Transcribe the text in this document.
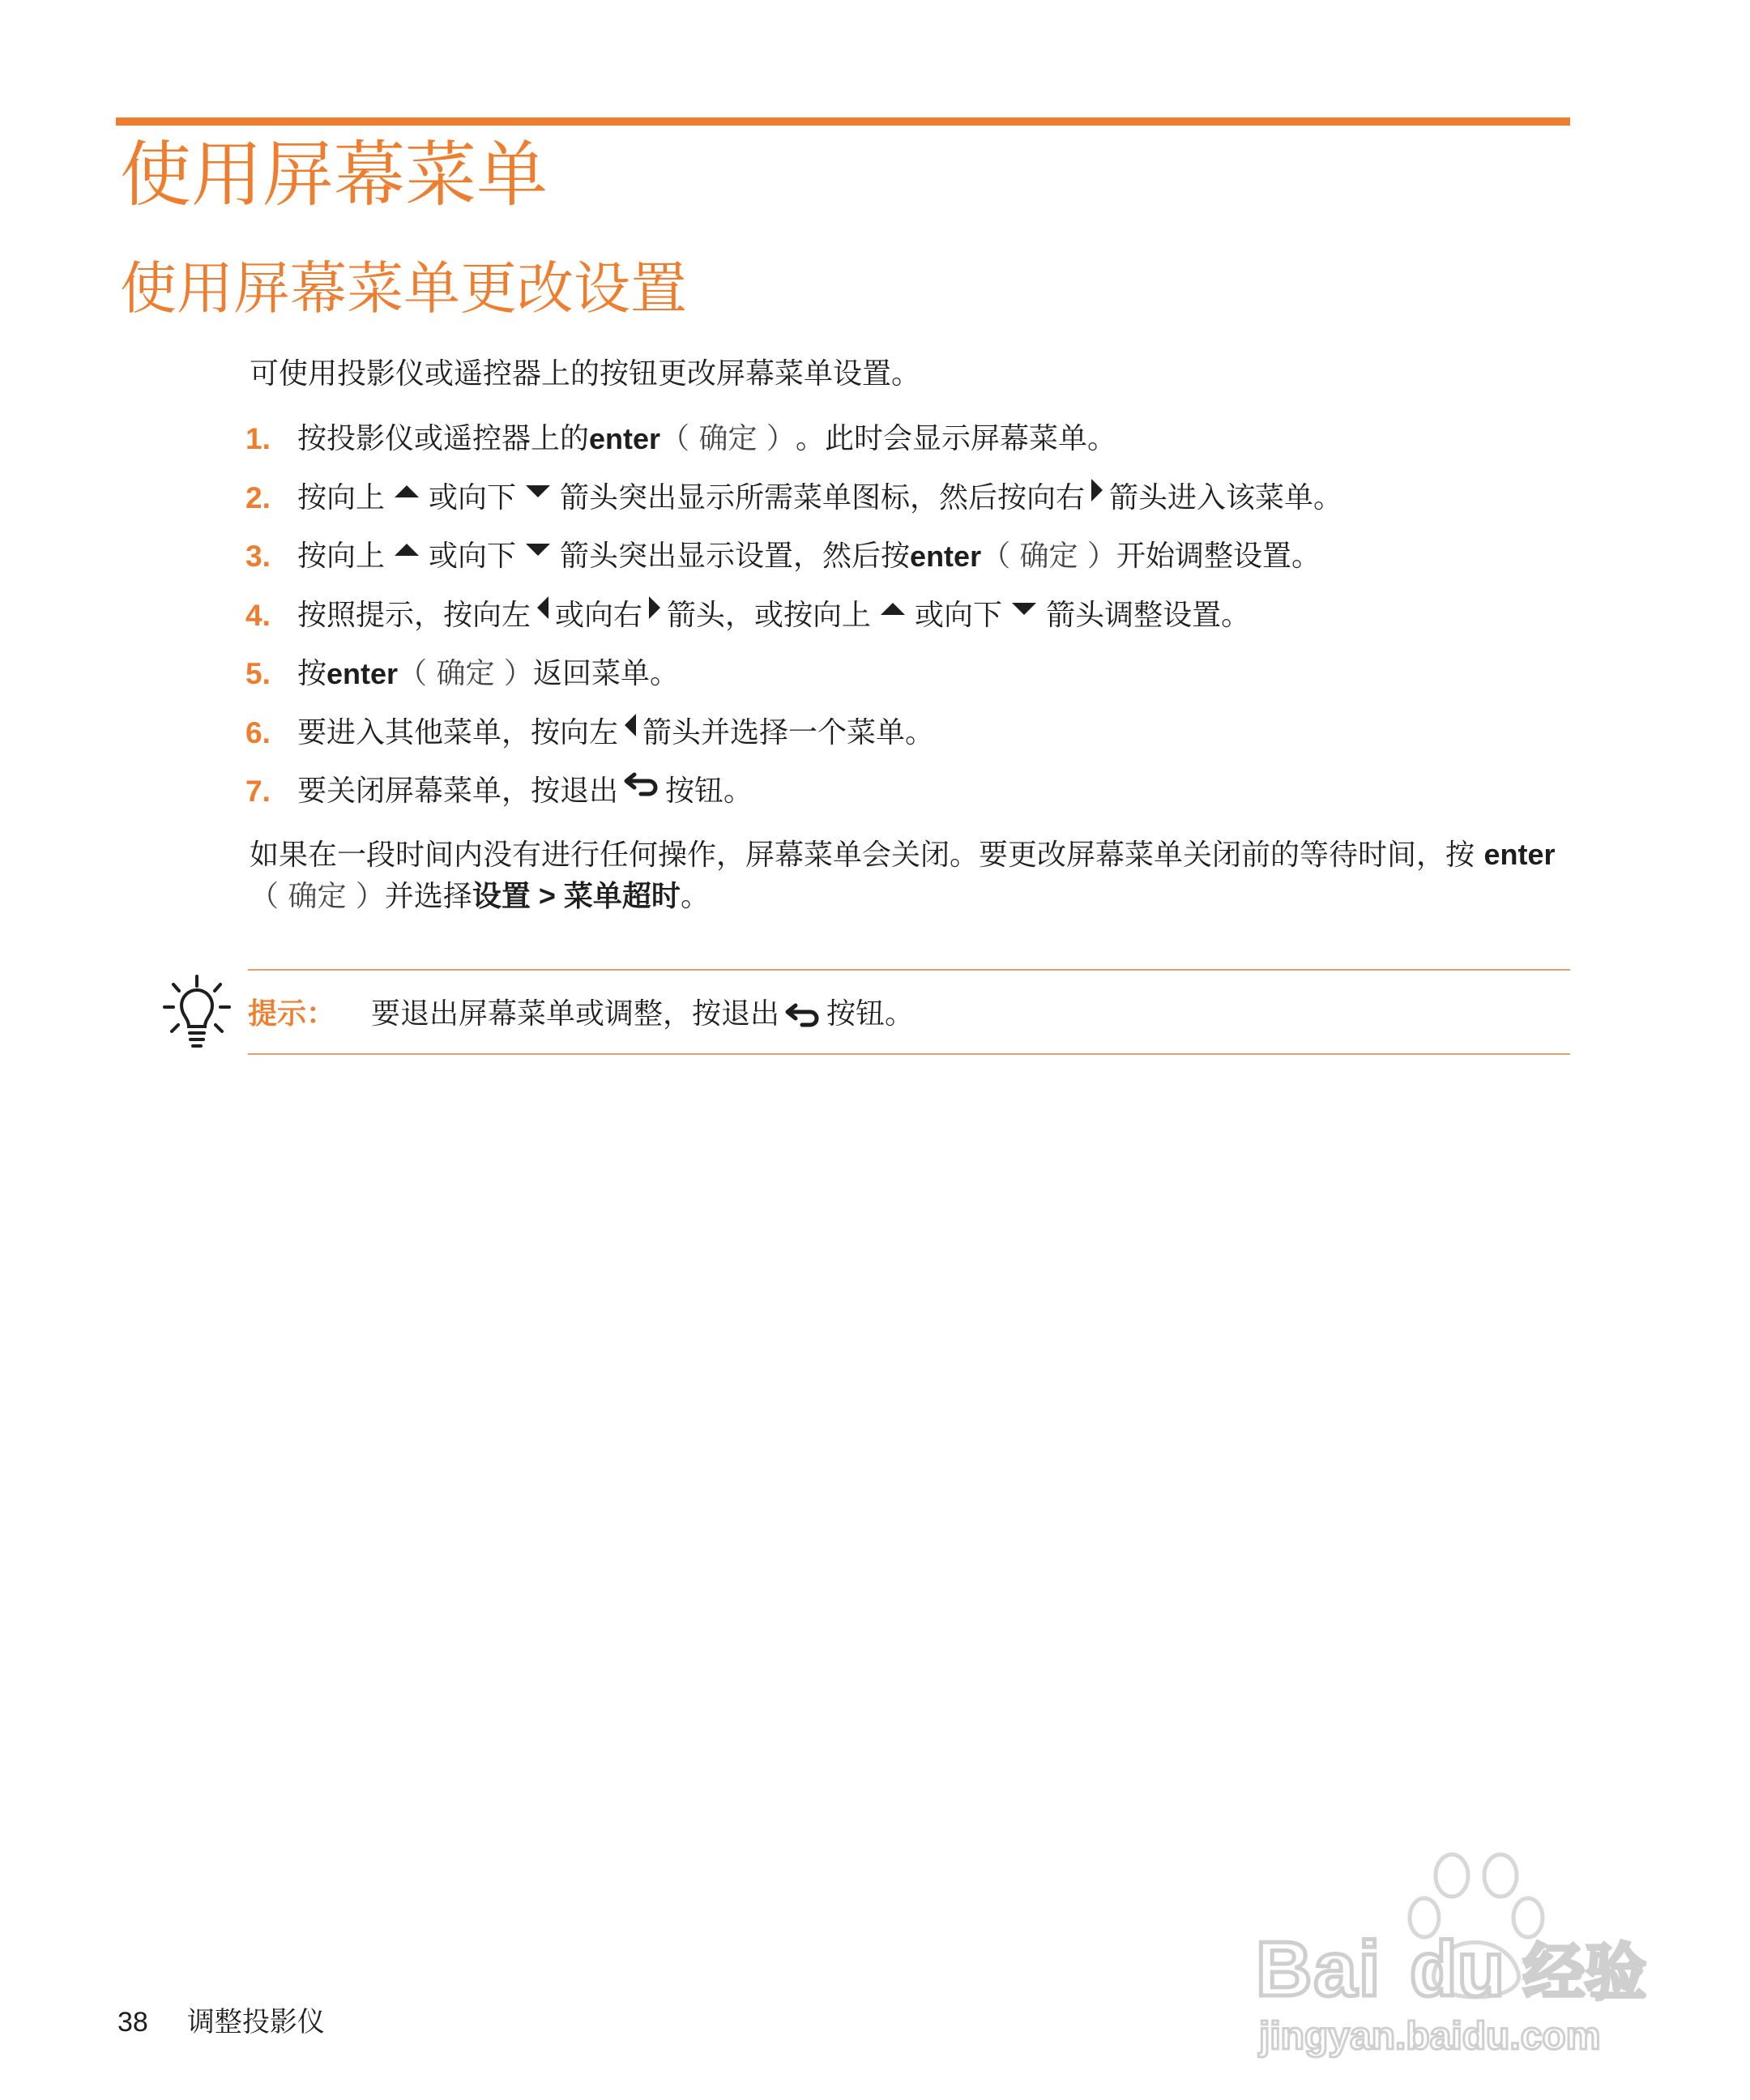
使用屏幕菜单
使用屏幕菜单更改设置
可使用投影仪或遥控器上的按钮更改屏幕菜单设置。
1. 按投影仪或遥控器上的 enter （ 确定 ） 。此时会显示屏幕菜单。
2. 按向上 或向下 箭头突出显示所需菜单图标，然后按向右 箭头进入该菜单。
3. 按向上 或向下 箭头突出显示设置，然后按 enter （ 确定 ） 开始调整设置。
4. 按照提示，按向左 或向右 箭头，或按向上 或向下 箭头调整设置。
5. 按 enter （ 确定 ） 返回菜单。
6. 要进入其他菜单，按向左 箭头并选择一个菜单。
7. 要关闭屏幕菜单，按退出 按钮。
如果在一段时间内没有进行任何操作，屏幕菜单会关闭。要更改屏幕菜单关闭前的等待时间，按 enter（ 确定 ）并选择设置 > 菜单超时。
提示： 要退出屏幕菜单或调整，按退出 按钮。
38 调整投影仪
Bai du 经验
jingyan.baidu.com
